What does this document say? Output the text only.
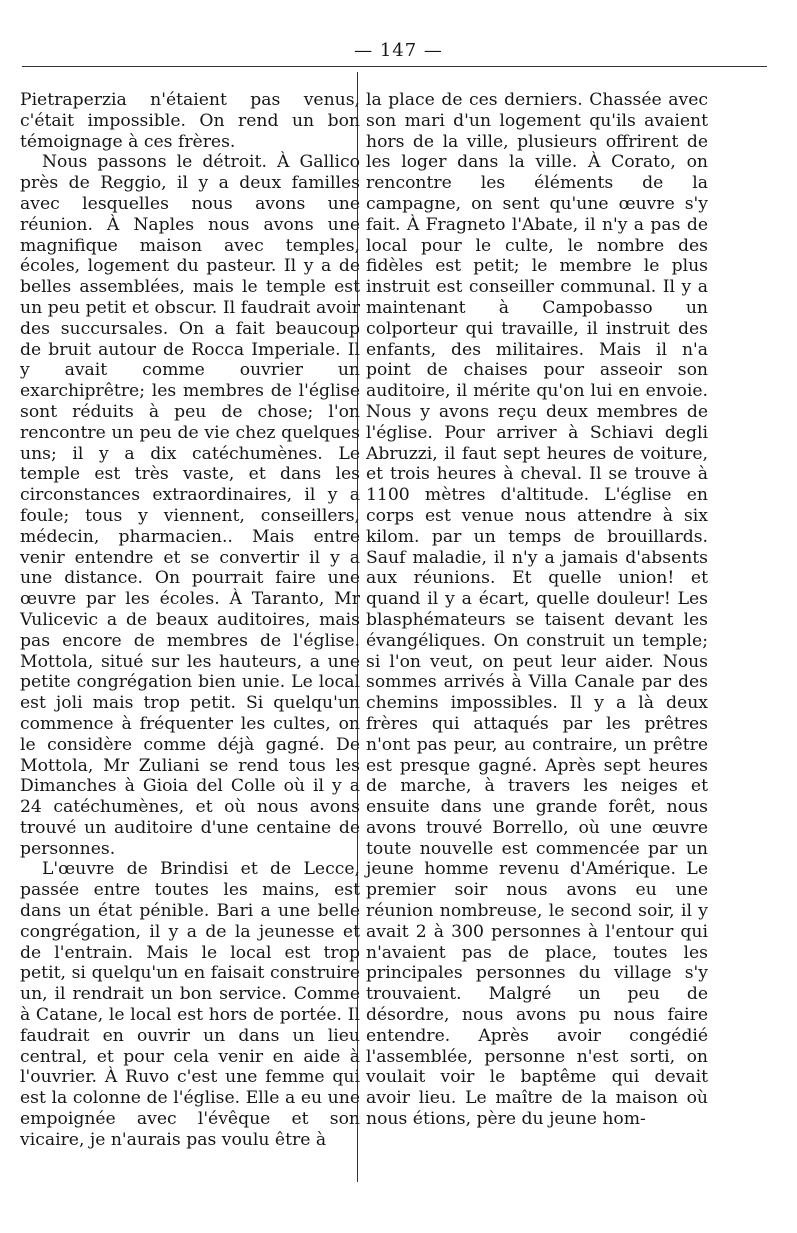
— 147 —

Pietraperzia n'étaient pas venus, c'était impossible. On rend un bon témoignage à ces frères.

Nous passons le détroit. À Gallico près de Reggio, il y a deux familles avec lesquelles nous avons une réunion. À Naples nous avons une magnifique maison avec temples, écoles, logement du pasteur. Il y a de belles assemblées, mais le temple est un peu petit et obscur. Il faudrait avoir des succursales. On a fait beaucoup de bruit autour de Rocca Imperiale. Il y avait comme ouvrier un exarchiprêtre; les membres de l'église sont réduits à peu de chose; l'on rencontre un peu de vie chez quelques uns; il y a dix catéchumènes. Le temple est très vaste, et dans les circonstances extraordinaires, il y a foule; tous y viennent, conseillers, médecin, pharmacien.. Mais entre venir entendre et se convertir il y a une distance. On pourrait faire une œuvre par les écoles. À Taranto, Mr Vulicevic a de beaux auditoires, mais pas encore de membres de l'église. Mottola, situé sur les hauteurs, a une petite congrégation bien unie. Le local est joli mais trop petit. Si quelqu'un commence à fréquenter les cultes, on le considère comme déjà gagné. De Mottola, Mr Zuliani se rend tous les Dimanches à Gioia del Colle où il y a 24 catéchumènes, et où nous avons trouvé un auditoire d'une centaine de personnes.

L'œuvre de Brindisi et de Lecce, passée entre toutes les mains, est dans un état pénible. Bari a une belle congrégation, il y a de la jeunesse et de l'entrain. Mais le local est trop petit, si quelqu'un en faisait construire un, il rendrait un bon service. Comme à Catane, le local est hors de portée. Il faudrait en ouvrir un dans un lieu central, et pour cela venir en aide à l'ouvrier. À Ruvo c'est une femme qui est la colonne de l'église. Elle a eu une empoignée avec l'évêque et son vicaire, je n'aurais pas voulu être à

la place de ces derniers. Chassée avec son mari d'un logement qu'ils avaient hors de la ville, plusieurs offrirent de les loger dans la ville. À Corato, on rencontre les éléments de la campagne, on sent qu'une œuvre s'y fait. À Fragneto l'Abate, il n'y a pas de local pour le culte, le nombre des fidèles est petit; le membre le plus instruit est conseiller communal. Il y a maintenant à Campobasso un colporteur qui travaille, il instruit des enfants, des militaires. Mais il n'a point de chaises pour asseoir son auditoire, il mérite qu'on lui en envoie. Nous y avons reçu deux membres de l'église. Pour arriver à Schiavi degli Abruzzi, il faut sept heures de voiture, et trois heures à cheval. Il se trouve à 1100 mètres d'altitude. L'église en corps est venue nous attendre à six kilom. par un temps de brouillards. Sauf maladie, il n'y a jamais d'absents aux réunions. Et quelle union! et quand il y a écart, quelle douleur! Les blasphémateurs se taisent devant les évangéliques. On construit un temple; si l'on veut, on peut leur aider. Nous sommes arrivés à Villa Canale par des chemins impossibles. Il y a là deux frères qui attaqués par les prêtres n'ont pas peur, au contraire, un prêtre est presque gagné. Après sept heures de marche, à travers les neiges et ensuite dans une grande forêt, nous avons trouvé Borrello, où une œuvre toute nouvelle est commencée par un jeune homme revenu d'Amérique. Le premier soir nous avons eu une réunion nombreuse, le second soir, il y avait 2 à 300 personnes à l'entour qui n'avaient pas de place, toutes les principales personnes du village s'y trouvaient. Malgré un peu de désordre, nous avons pu nous faire entendre. Après avoir congédié l'assemblée, personne n'est sorti, on voulait voir le baptême qui devait avoir lieu. Le maître de la maison où nous étions, père du jeune hom-
